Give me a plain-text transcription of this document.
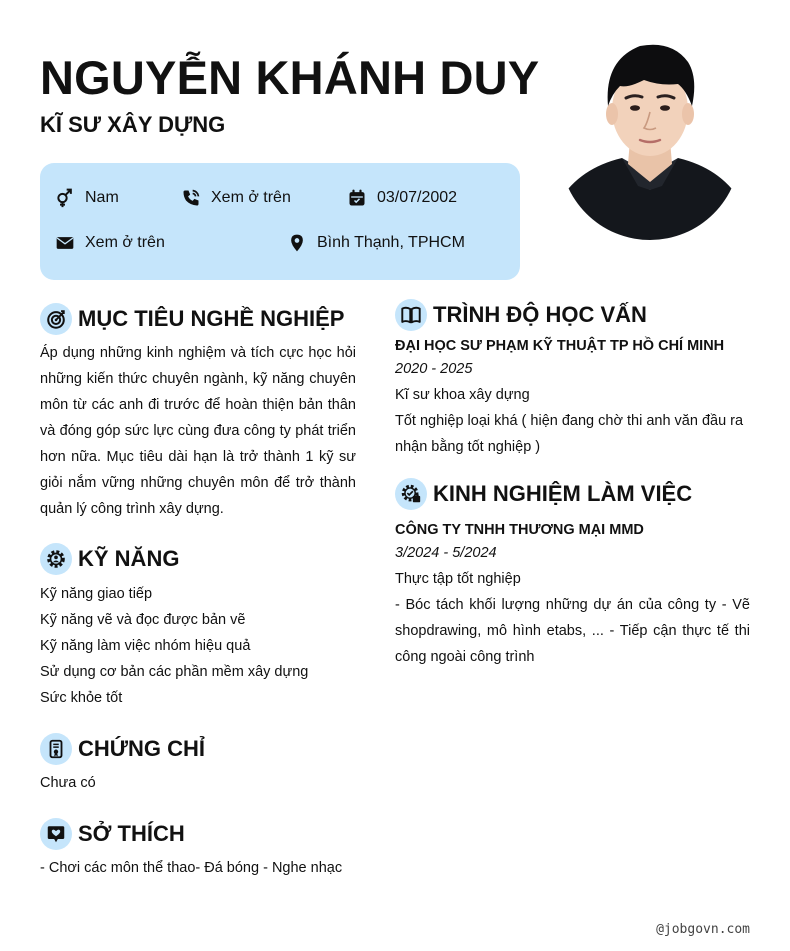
NGUYỄN KHÁNH DUY
KĨ SƯ XÂY DỰNG
Nam	Xem ở trên	03/07/2002
Xem ở trên	Bình Thạnh, TPHCM
MỤC TIÊU NGHỀ NGHIỆP
Áp dụng những kinh nghiệm và tích cực học hỏi những kiến thức chuyên ngành, kỹ năng chuyên môn từ các anh đi trước để hoàn thiện bản thân và đóng góp sức lực cùng đưa công ty phát triển hơn nữa. Mục tiêu dài hạn là trở thành 1 kỹ sư giỏi nắm vững những chuyên môn để trở thành quản lý công trình xây dựng.
KỸ NĂNG
Kỹ năng giao tiếp
Kỹ năng vẽ và đọc được bản vẽ
Kỹ năng làm việc nhóm hiệu quả
Sử dụng cơ bản các phần mềm xây dựng
Sức khỏe tốt
CHỨNG CHỈ
Chưa có
SỞ THÍCH
- Chơi các môn thể thao- Đá bóng - Nghe nhạc
TRÌNH ĐỘ HỌC VẤN
ĐẠI HỌC SƯ PHẠM KỸ THUẬT TP HỒ CHÍ MINH
2020 - 2025
Kĩ sư khoa xây dựng
Tốt nghiệp loại khá ( hiện đang chờ thi anh văn đầu ra nhận bằng tốt nghiệp )
KINH NGHIỆM LÀM VIỆC
CÔNG TY TNHH THƯƠNG MẠI MMD
3/2024 - 5/2024
Thực tập tốt nghiệp
- Bóc tách khối lượng những dự án của công ty - Vẽ shopdrawing, mô hình etabs, ... - Tiếp cận thực tế thi công ngoài công trình
@jobgovn.com
